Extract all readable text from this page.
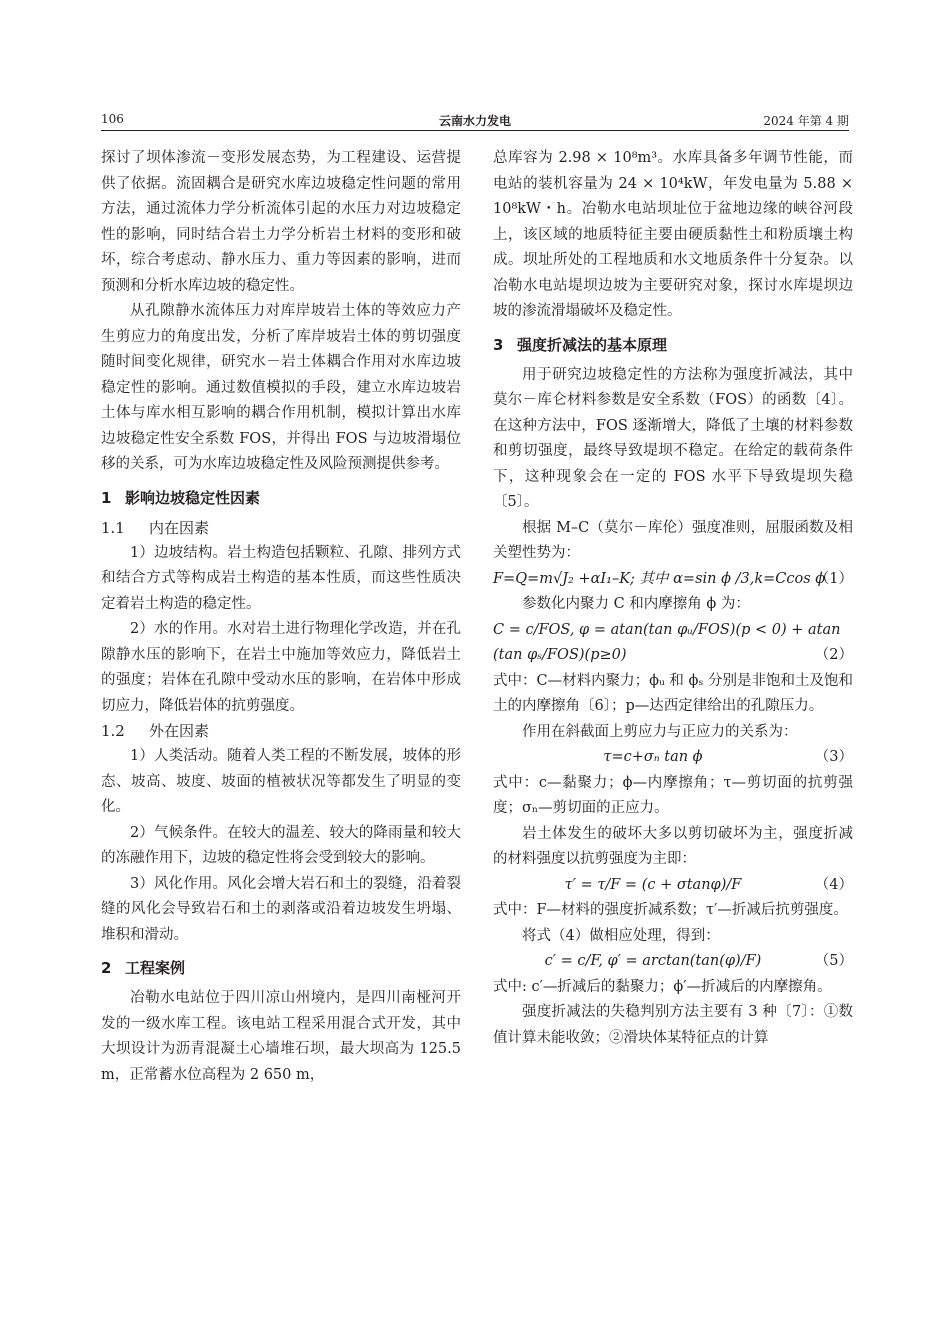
106	云南水力发电	2024 年第 4 期

探讨了坝体渗流－变形发展态势，为工程建设、运营提供了依据。流固耦合是研究水库边坡稳定性问题的常用方法，通过流体力学分析流体引起的水压力对边坡稳定性的影响，同时结合岩土力学分析岩土材料的变形和破坏，综合考虑动、静水压力、重力等因素的影响，进而预测和分析水库边坡的稳定性。

从孔隙静水流体压力对库岸坡岩土体的等效应力产生剪应力的角度出发，分析了库岸坡岩土体的剪切强度随时间变化规律，研究水－岩土体耦合作用对水库边坡稳定性的影响。通过数值模拟的手段，建立水库边坡岩土体与库水相互影响的耦合作用机制，模拟计算出水库边坡稳定性安全系数 FOS，并得出 FOS 与边坡滑塌位移的关系，可为水库边坡稳定性及风险预测提供参考。

1 影响边坡稳定性因素
1.1 内在因素

1）边坡结构。岩土构造包括颗粒、孔隙、排列方式和结合方式等构成岩土构造的基本性质，而这些性质决定着岩土构造的稳定性。

2）水的作用。水对岩土进行物理化学改造，并在孔隙静水压的影响下，在岩土中施加等效应力，降低岩土的强度；岩体在孔隙中受动水压的影响，在岩体中形成切应力，降低岩体的抗剪强度。

1.2 外在因素

1）人类活动。随着人类工程的不断发展，坡体的形态、坡高、坡度、坡面的植被状况等都发生了明显的变化。

2）气候条件。在较大的温差、较大的降雨量和较大的冻融作用下，边坡的稳定性将会受到较大的影响。

3）风化作用。风化会增大岩石和土的裂缝，沿着裂缝的风化会导致岩石和土的剥落或沿着边坡发生坍塌、堆积和滑动。

2 工程案例

冶勒水电站位于四川凉山州境内，是四川南桠河开发的一级水库工程。该电站工程采用混合式开发，其中大坝设计为沥青混凝土心墙堆石坝，最大坝高为 125.5 m，正常蓄水位高程为 2 650 m，

总库容为 2.98 × 10⁸m³。水库具备多年调节性能，而电站的装机容量为 24 × 10⁴kW，年发电量为 5.88 × 10⁸kW・h。冶勒水电站坝址位于盆地边缘的峡谷河段上，该区域的地质特征主要由硬质黏性土和粉质壤土构成。坝址所处的工程地质和水文地质条件十分复杂。以冶勒水电站堤坝边坡为主要研究对象，探讨水库堤坝边坡的渗流滑塌破坏及稳定性。

3 强度折减法的基本原理

用于研究边坡稳定性的方法称为强度折减法，其中莫尔－库仑材料参数是安全系数（FOS）的函数〔4〕。在这种方法中，FOS 逐渐增大，降低了土壤的材料参数和剪切强度，最终导致堤坝不稳定。在给定的载荷条件下，这种现象会在一定的 FOS 水平下导致堤坝失稳〔5〕。

根据 M–C（莫尔－库伦）强度准则，屈服函数及相关塑性势为：

F=Q=m√J₂ +αI₁–K; 其中 α=sin ϕ /3,k=Ccos ϕ
（1）

参数化内聚力 C 和内摩擦角 ϕ 为：

C = c/FOS, φ = atan(tan φᵤ/FOS)(p < 0) + atan
(tan φₛ/FOS)(p≥0)	（2）

式中：C—材料内聚力；ϕᵤ 和 ϕₛ 分别是非饱和土及饱和土的内摩擦角〔6〕；p—达西定律给出的孔隙压力。

作用在斜截面上剪应力与正应力的关系为：

τ=c+σₙ tan ϕ	（3）

式中：c—黏聚力；ϕ—内摩擦角；τ—剪切面的抗剪强度；σₙ—剪切面的正应力。

岩土体发生的破坏大多以剪切破坏为主，强度折减的材料强度以抗剪强度为主即：

τ′ = τ/F = (c + σtanφ)/F	（4）

式中：F—材料的强度折减系数；τ′—折减后抗剪强度。

将式（4）做相应处理，得到：

c′ = c/F, φ′ = arctan(tan(φ)/F)	（5）

式中: c′—折减后的黏聚力；ϕ′—折减后的内摩擦角。

强度折减法的失稳判别方法主要有 3 种〔7〕：①数值计算未能收敛；②滑块体某特征点的计算
